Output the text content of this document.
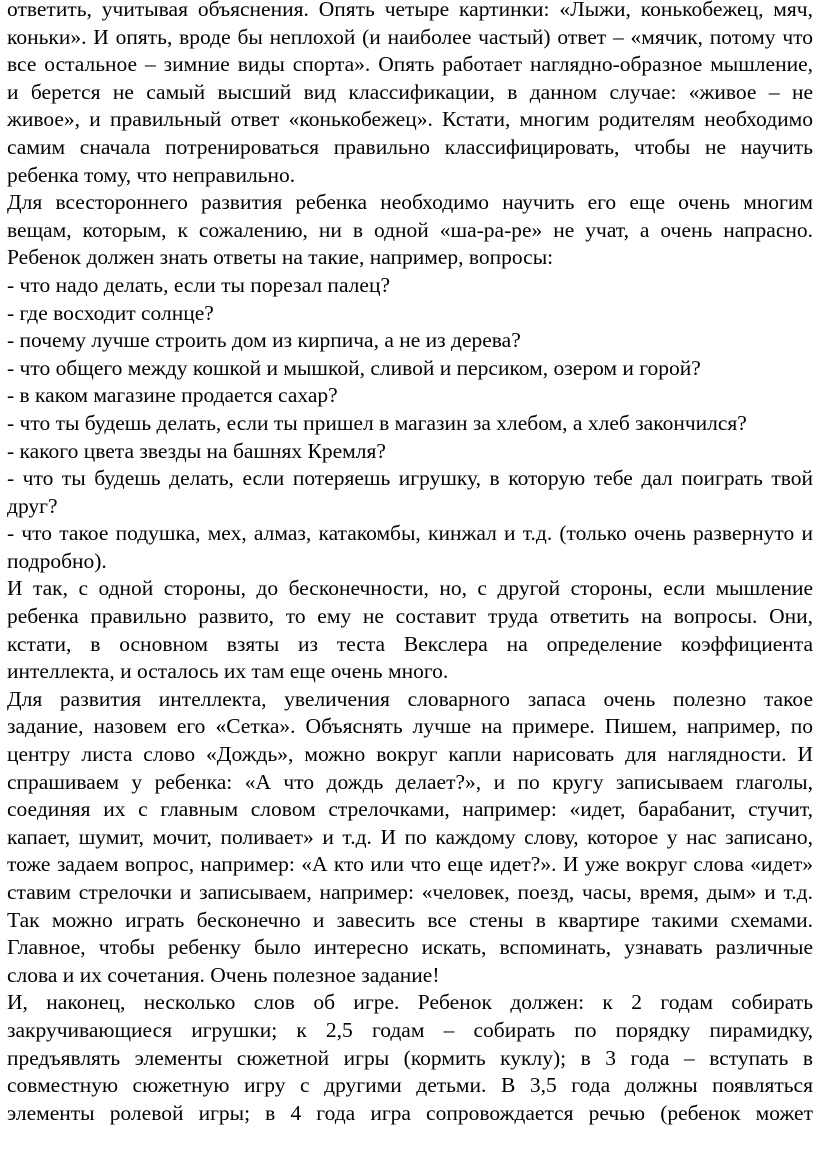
ответить, учитывая объяснения. Опять четыре картинки: «Лыжи, конькобежец, мяч,
коньки». И опять, вроде бы неплохой (и наиболее частый) ответ – «мячик, потому что
все остальное – зимние виды спорта». Опять работает наглядно-образное мышление,
и берется не самый высший вид классификации, в данном случае: «живое – не
живое», и правильный ответ «конькобежец». Кстати, многим родителям необходимо
самим сначала потренироваться правильно классифицировать, чтобы не научить
ребенка тому, что неправильно.
Для всестороннего развития ребенка необходимо научить его еще очень многим
вещам, которым, к сожалению, ни в одной «ша-ра-ре» не учат, а очень напрасно.
Ребенок должен знать ответы на такие, например, вопросы:
- что надо делать, если ты порезал палец?
- где восходит солнце?
- почему лучше строить дом из кирпича, а не из дерева?
- что общего между кошкой и мышкой, сливой и персиком, озером и горой?
- в каком магазине продается сахар?
- что ты будешь делать, если ты пришел в магазин за хлебом, а хлеб закончился?
- какого цвета звезды на башнях Кремля?
- что ты будешь делать, если потеряешь игрушку, в которую тебе дал поиграть твой
друг?
- что такое подушка, мех, алмаз, катакомбы, кинжал и т.д. (только очень развернуто и
подробно).
И так, с одной стороны, до бесконечности, но, с другой стороны, если мышление
ребенка правильно развито, то ему не составит труда ответить на вопросы. Они,
кстати, в основном взяты из теста Векслера на определение коэффициента
интеллекта, и осталось их там еще очень много.
Для развития интеллекта, увеличения словарного запаса очень полезно такое
задание, назовем его «Сетка». Объяснять лучше на примере. Пишем, например, по
центру листа слово «Дождь», можно вокруг капли нарисовать для наглядности. И
спрашиваем у ребенка: «А что дождь делает?», и по кругу записываем глаголы,
соединяя их с главным словом стрелочками, например: «идет, барабанит, стучит,
капает, шумит, мочит, поливает» и т.д. И по каждому слову, которое у нас записано,
тоже задаем вопрос, например: «А кто или что еще идет?». И уже вокруг слова «идет»
ставим стрелочки и записываем, например: «человек, поезд, часы, время, дым» и т.д.
Так можно играть бесконечно и завесить все стены в квартире такими схемами.
Главное, чтобы ребенку было интересно искать, вспоминать, узнавать различные
слова и их сочетания. Очень полезное задание!
И, наконец, несколько слов об игре. Ребенок должен: к 2 годам собирать
закручивающиеся игрушки; к 2,5 годам – собирать по порядку пирамидку,
предъявлять элементы сюжетной игры (кормить куклу); в 3 года – вступать в
совместную сюжетную игру с другими детьми. В 3,5 года должны появляться
элементы ролевой игры; в 4 года игра сопровождается речью (ребенок может
